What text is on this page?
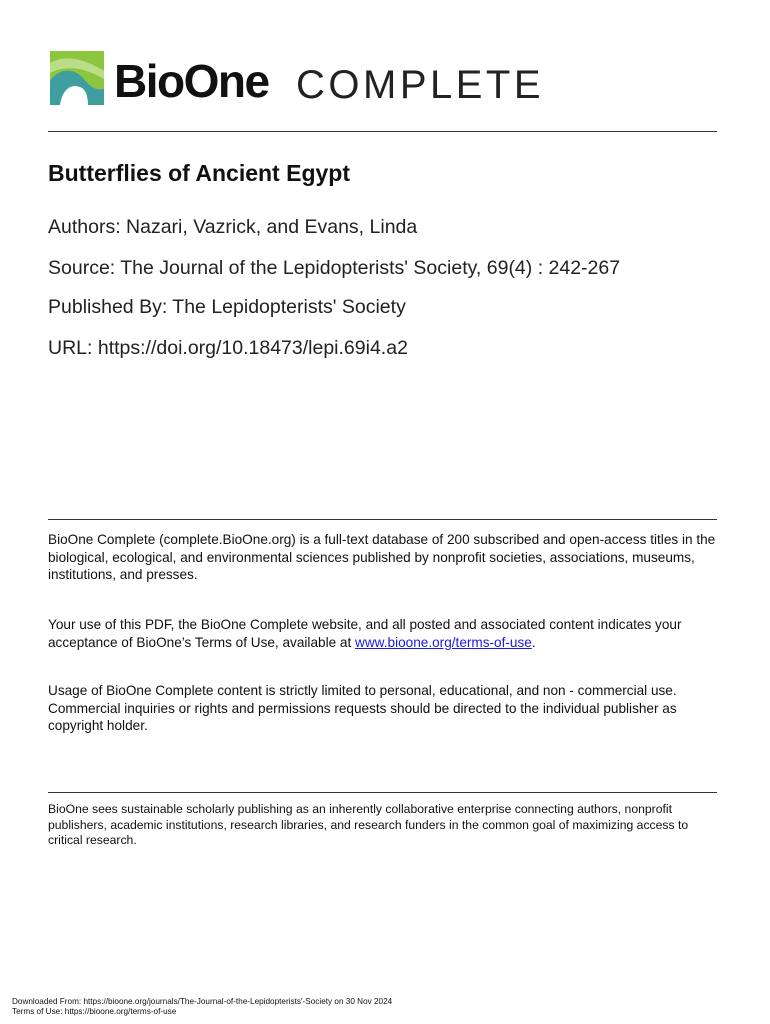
BioOne COMPLETE
Butterflies of Ancient Egypt
Authors: Nazari, Vazrick, and Evans, Linda
Source: The Journal of the Lepidopterists' Society, 69(4) : 242-267
Published By: The Lepidopterists' Society
URL: https://doi.org/10.18473/lepi.69i4.a2
BioOne Complete (complete.BioOne.org) is a full-text database of 200 subscribed and open-access titles in the biological, ecological, and environmental sciences published by nonprofit societies, associations, museums, institutions, and presses.
Your use of this PDF, the BioOne Complete website, and all posted and associated content indicates your acceptance of BioOne’s Terms of Use, available at www.bioone.org/terms-of-use.
Usage of BioOne Complete content is strictly limited to personal, educational, and non - commercial use. Commercial inquiries or rights and permissions requests should be directed to the individual publisher as copyright holder.
BioOne sees sustainable scholarly publishing as an inherently collaborative enterprise connecting authors, nonprofit publishers, academic institutions, research libraries, and research funders in the common goal of maximizing access to critical research.
Downloaded From: https://bioone.org/journals/The-Journal-of-the-Lepidopterists'-Society on 30 Nov 2024
Terms of Use: https://bioone.org/terms-of-use
